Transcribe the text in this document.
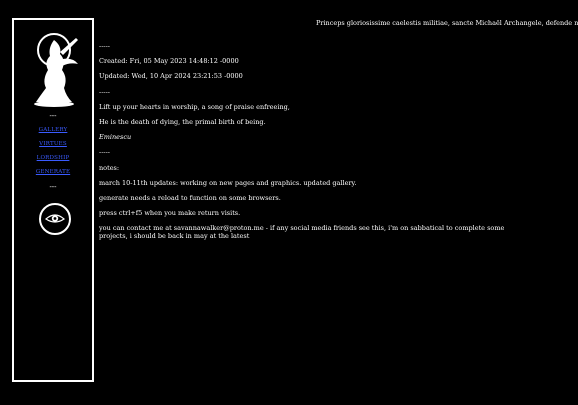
Princeps gloriosissime caelestis militiae, sancte Michaël Archangele, defende n
---
GALLERY
VIRTUES
LORDSHIP
GENERATE
---

-----

Created: Fri, 05 May 2023 14:48:12 -0000

Updated: Wed, 10 Apr 2024 23:21:53 -0000

-----

Lift up your hearts in worship, a song of praise enfreeing,

He is the death of dying, the primal birth of being.

Eminescu

-----

notes:

march 10-11th updates: working on new pages and graphics. updated gallery.

generate needs a reload to function on some browsers.

press ctrl+f5 when you make return visits.

you can contact me at savannawalker@proton.me - if any social media friends see this, i'm on sabbatical to complete some projects, i should be back in may at the latest
